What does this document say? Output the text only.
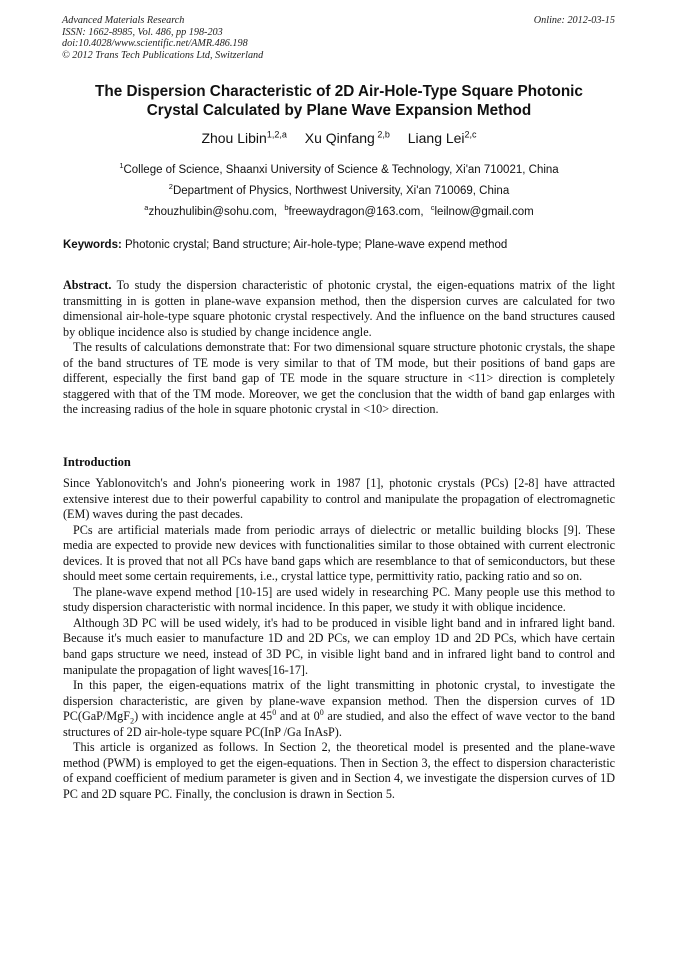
Advanced Materials Research
ISSN: 1662-8985, Vol. 486, pp 198-203
doi:10.4028/www.scientific.net/AMR.486.198
© 2012 Trans Tech Publications Ltd, Switzerland
Online: 2012-03-15
The Dispersion Characteristic of 2D Air-Hole-Type Square Photonic Crystal Calculated by Plane Wave Expansion Method
Zhou Libin$^{1,2,a}$ Xu Qinfang $^{2,b}$ Liang Lei$^{2,c}$
$^1$College of Science, Shaanxi University of Science & Technology, Xi'an 710021, China
$^2$Department of Physics, Northwest University, Xi'an 710069, China
$^a$zhouzhulibin@sohu.com, $^b$freewaydragon@163.com, $^c$leilnow@gmail.com
Keywords: Photonic crystal; Band structure; Air-hole-type; Plane-wave expend method

Abstract. To study the dispersion characteristic of photonic crystal, the eigen-equations matrix of the light transmitting in is gotten in plane-wave expansion method, then the dispersion curves are calculated for two dimensional air-hole-type square photonic crystal respectively. And the influence on the band structures caused by oblique incidence also is studied by change incidence angle.

The results of calculations demonstrate that: For two dimensional square structure photonic crystals, the shape of the band structures of TE mode is very similar to that of TM mode, but their positions of band gaps are different, especially the first band gap of TE mode in the square structure in <11> direction is completely staggered with that of the TM mode. Moreover, we get the conclusion that the width of band gap enlarges with the increasing radius of the hole in square photonic crystal in <10> direction.

Introduction

Since Yablonovitch's and John's pioneering work in 1987 [1], photonic crystals (PCs) [2-8] have attracted extensive interest due to their powerful capability to control and manipulate the propagation of electromagnetic (EM) waves during the past decades.

PCs are artificial materials made from periodic arrays of dielectric or metallic building blocks [9]. These media are expected to provide new devices with functionalities similar to those obtained with current electronic devices. It is proved that not all PCs have band gaps which are resemblance to that of semiconductors, but these should meet some certain requirements, i.e., crystal lattice type, permittivity ratio, packing ratio and so on.

The plane-wave expend method [10-15] are used widely in researching PC. Many people use this method to study dispersion characteristic with normal incidence. In this paper, we study it with oblique incidence.

Although 3D PC will be used widely, it's had to be produced in visible light band and in infrared light band. Because it's much easier to manufacture 1D and 2D PCs, we can employ 1D and 2D PCs, which have certain band gaps structure we need, instead of 3D PC, in visible light band and in infrared light band to control and manipulate the propagation of light waves[16-17].

In this paper, the eigen-equations matrix of the light transmitting in photonic crystal, to investigate the dispersion characteristic, are given by plane-wave expansion method. Then the dispersion curves of 1D PC(GaP/MgF$_2$) with incidence angle at $45^0$ and at $0^0$ are studied, and also the effect of wave vector to the band structures of 2D air-hole-type square PC(InP /Ga InAsP).

This article is organized as follows. In Section 2, the theoretical model is presented and the plane-wave method (PWM) is employed to get the eigen-equations. Then in Section 3, the effect to dispersion characteristic of expand coefficient of medium parameter is given and in Section 4, we investigate the dispersion curves of 1D PC and 2D square PC. Finally, the conclusion is drawn in Section 5.
